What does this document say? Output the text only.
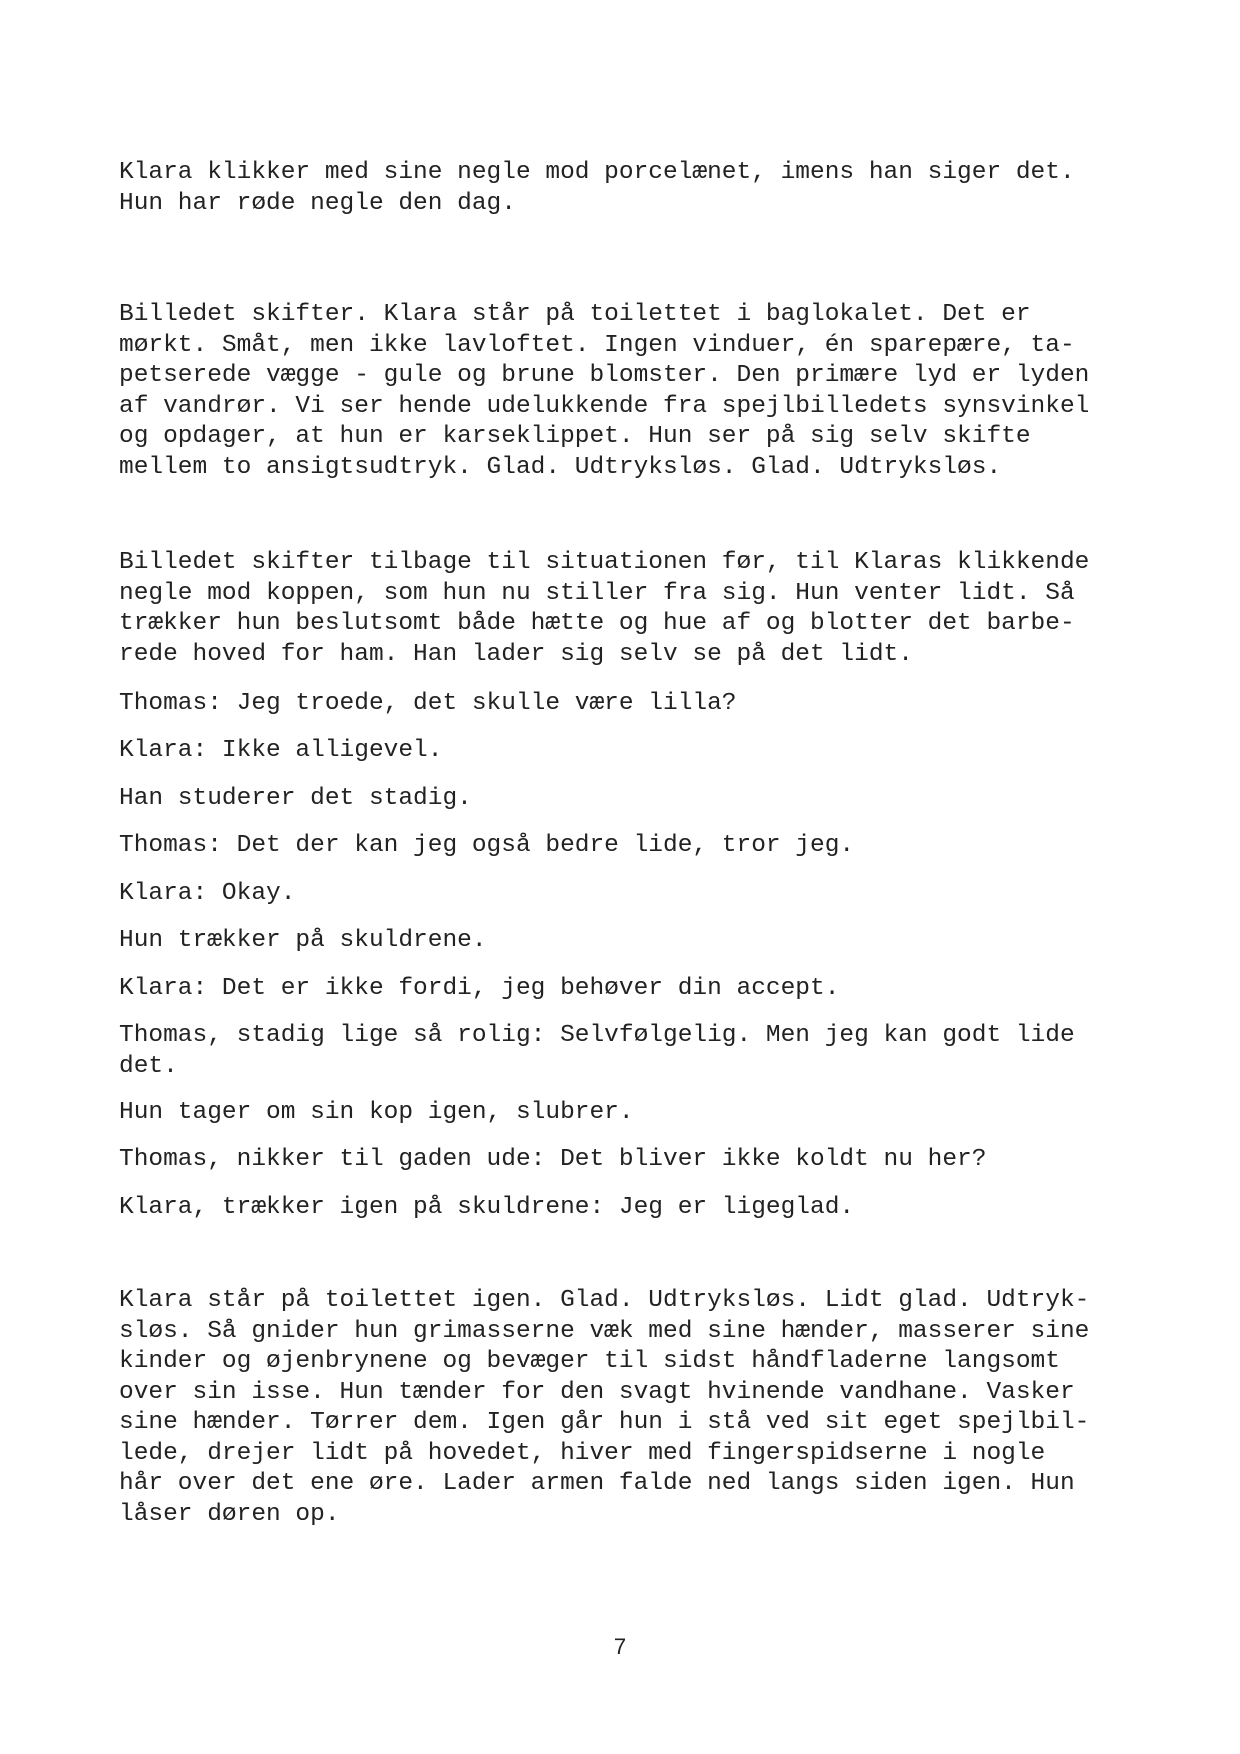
Klara klikker med sine negle mod porcelænet, imens han siger det.
Hun har røde negle den dag.

Billedet skifter. Klara står på toilettet i baglokalet. Det er
mørkt. Småt, men ikke lavloftet. Ingen vinduer, én sparepære, ta-
petserede vægge - gule og brune blomster. Den primære lyd er lyden
af vandrør. Vi ser hende udelukkende fra spejlbilledets synsvinkel
og opdager, at hun er karseklippet. Hun ser på sig selv skifte
mellem to ansigtsudtryk. Glad. Udtryksløs. Glad. Udtryksløs.

Billedet skifter tilbage til situationen før, til Klaras klikkende
negle mod koppen, som hun nu stiller fra sig. Hun venter lidt. Så
trækker hun beslutsomt både hætte og hue af og blotter det barbe-
rede hoved for ham. Han lader sig selv se på det lidt.

Thomas: Jeg troede, det skulle være lilla?

Klara: Ikke alligevel.

Han studerer det stadig.

Thomas: Det der kan jeg også bedre lide, tror jeg.

Klara: Okay.

Hun trækker på skuldrene.

Klara: Det er ikke fordi, jeg behøver din accept.

Thomas, stadig lige så rolig: Selvfølgelig. Men jeg kan godt lide
det.

Hun tager om sin kop igen, slubrer.

Thomas, nikker til gaden ude: Det bliver ikke koldt nu her?

Klara, trækker igen på skuldrene: Jeg er ligeglad.

Klara står på toilettet igen. Glad. Udtryksløs. Lidt glad. Udtryk-
sløs. Så gnider hun grimasserne væk med sine hænder, masserer sine
kinder og øjenbrynene og bevæger til sidst håndfladerne langsomt
over sin isse. Hun tænder for den svagt hvinende vandhane. Vasker
sine hænder. Tørrer dem. Igen går hun i stå ved sit eget spejlbil-
lede, drejer lidt på hovedet, hiver med fingerspidserne i nogle
hår over det ene øre. Lader armen falde ned langs siden igen. Hun
låser døren op.

7
